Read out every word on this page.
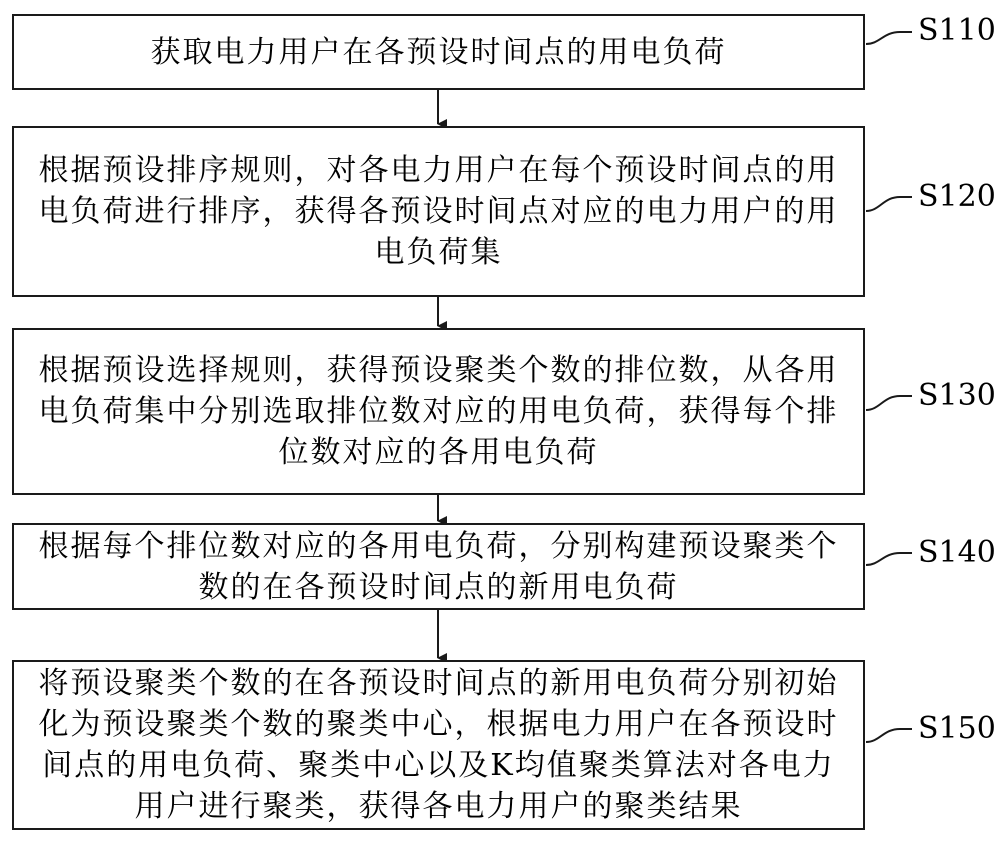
获取电力用户在各预设时间点的用电负荷

根据预设排序规则，对各电力用户在每个预设时间点的用电负荷进行排序，获得各预设时间点对应的电力用户的用电负荷集

根据预设选择规则，获得预设聚类个数的排位数，从各用电负荷集中分别选取排位数对应的用电负荷，获得每个排位数对应的各用电负荷

根据每个排位数对应的各用电负荷，分别构建预设聚类个数的在各预设时间点的新用电负荷

将预设聚类个数的在各预设时间点的新用电负荷分别初始化为预设聚类个数的聚类中心，根据电力用户在各预设时间点的用电负荷、聚类中心以及K均值聚类算法对各电力用户进行聚类，获得各电力用户的聚类结果

S110
S120
S130
S140
S150
